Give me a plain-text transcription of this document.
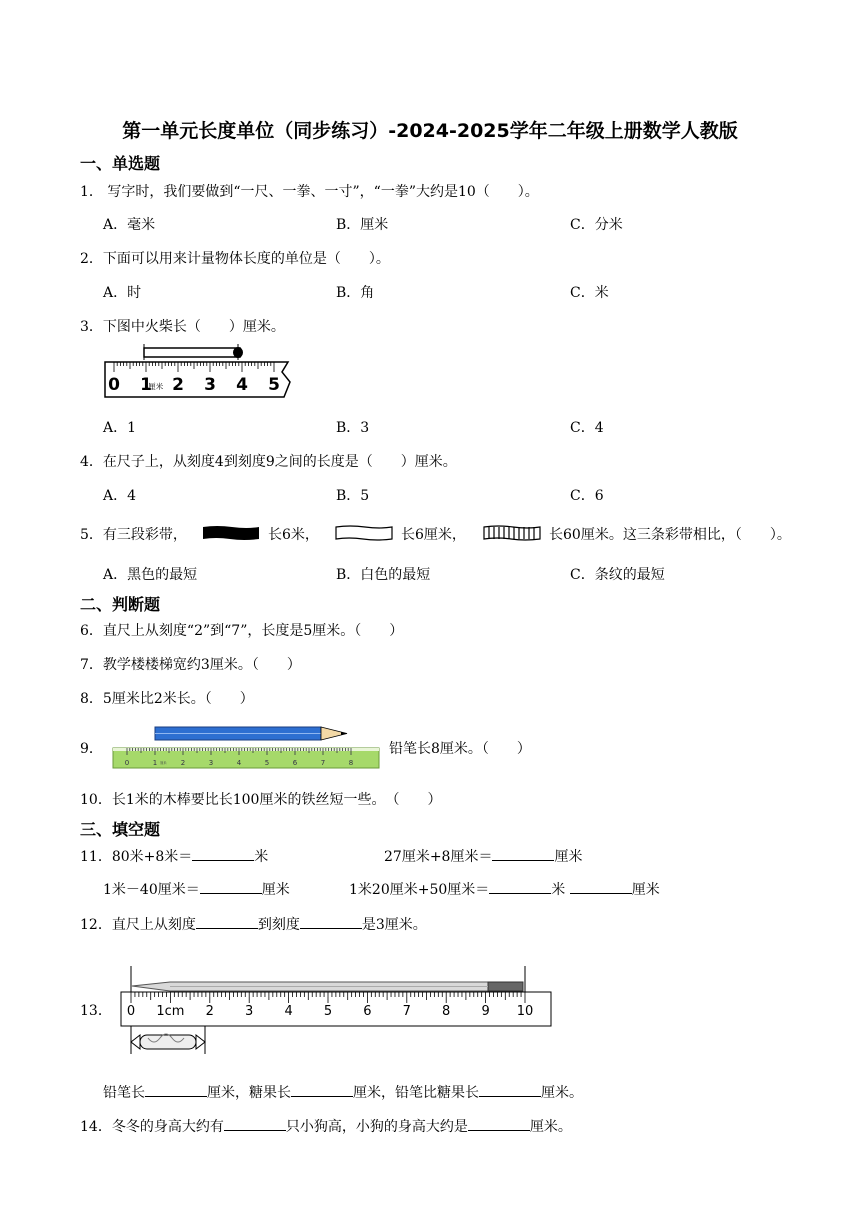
第一单元长度单位（同步练习）-2024-2025学年二年级上册数学人教版
一、单选题
1． 写字时，我们要做到“一尺、一拳、一寸”，“一拳”大约是10（　　）。
A．毫米	B．厘米	C．分米
2．下面可以用来计量物体长度的单位是（　　）。
A．时	B．角	C．米
3．下图中火柴长（　　）厘米。
0 1 2 3 4 5
厘米
A．1	B．3	C．4
4．在尺子上，从刻度4到刻度9之间的长度是（　　）厘米。
A．4	B．5	C．6
5．有三段彩带，	长6米，	长6厘米，	长60厘米。这三条彩带相比，（　　）。
A．黑色的最短	B．白色的最短	C．条纹的最短
二、判断题
6．直尺上从刻度“2”到“7”，长度是5厘米。（　　）
7．教学楼楼梯宽约3厘米。（　　）
8．5厘米比2米长。（　　）
9．
0	1	2	3	4	5	6	7	8
厘米
铅笔长8厘米。（　　）
10．长1米的木棒要比长100厘米的铁丝短一些。　（　　）
三、填空题
11．80米+8米＝	米	27厘米+8厘米＝	厘米
1米－40厘米＝	厘米	1米20厘米+50厘米＝	米	厘米
12．直尺上从刻度	到刻度	是3厘米。
13． 0 1cm 2 3 4 5 6 7 8 9 10
铅笔长	厘米，糖果长	厘米，铅笔比糖果长	厘米。
14．冬冬的身高大约有	只小狗高，小狗的身高大约是	厘米。
